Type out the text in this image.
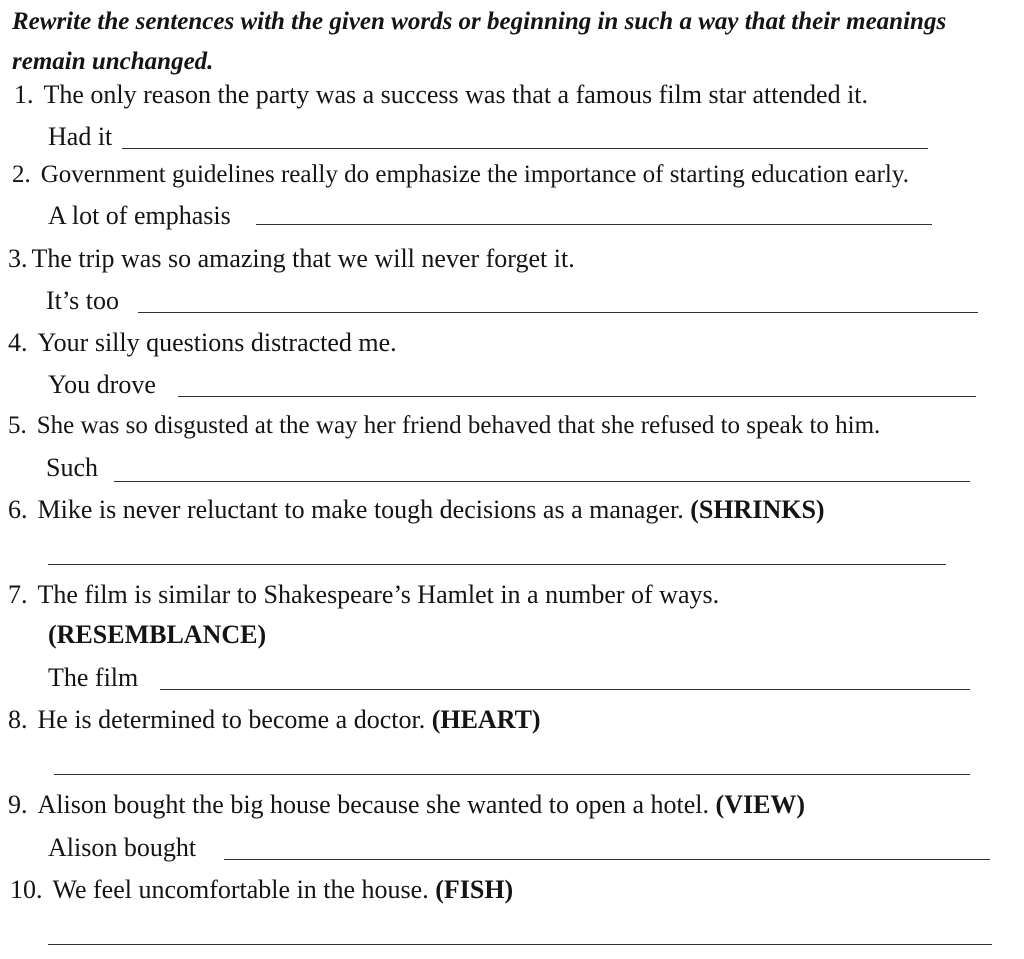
Rewrite the sentences with the given words or beginning in such a way that their meanings remain unchanged.

1. The only reason the party was a success was that a famous film star attended it.
Had it
2. Government guidelines really do emphasize the importance of starting education early.
A lot of emphasis
3. The trip was so amazing that we will never forget it.
It’s too
4. Your silly questions distracted me.
You drove
5. She was so disgusted at the way her friend behaved that she refused to speak to him.
Such
6. Mike is never reluctant to make tough decisions as a manager. (SHRINKS)
7. The film is similar to Shakespeare’s Hamlet in a number of ways.
(RESEMBLANCE)
The film
8. He is determined to become a doctor. (HEART)
9. Alison bought the big house because she wanted to open a hotel. (VIEW)
Alison bought
10. We feel uncomfortable in the house. (FISH)
